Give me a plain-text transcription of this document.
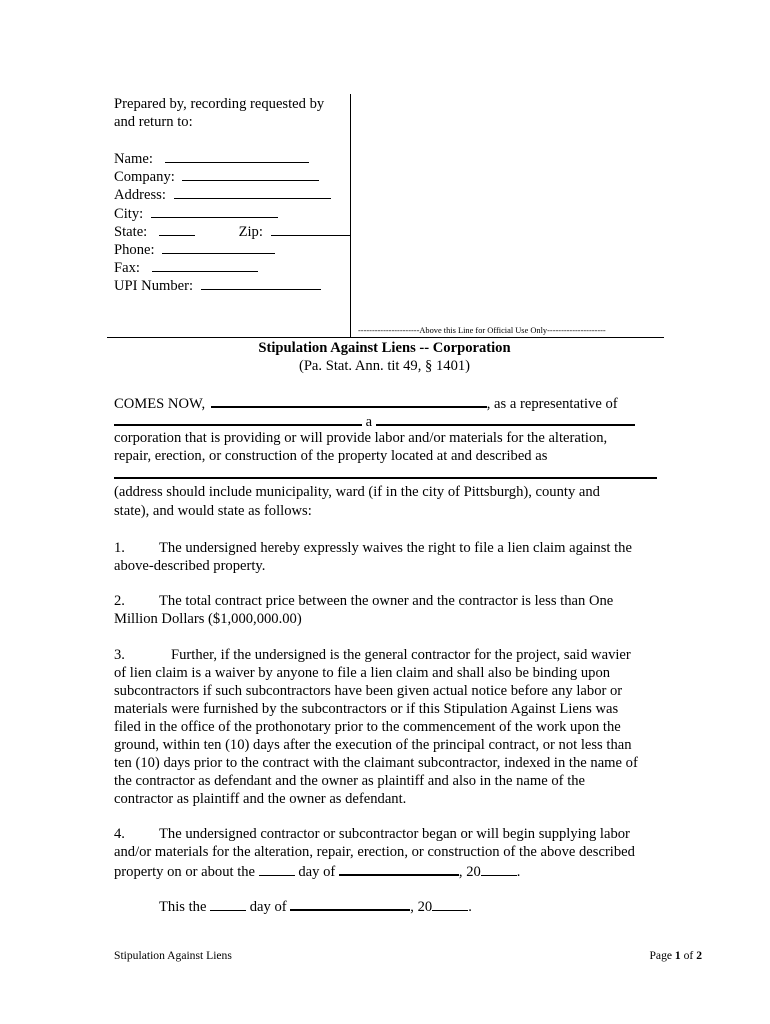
Prepared by, recording requested by
and return to:
Name:
Company:
Address:
City:
State:	Zip:
Phone:
Fax:
UPI Number:
----------------------Above this Line for Official Use Only---------------------
Stipulation Against Liens -- Corporation
(Pa. Stat. Ann. tit 49, § 1401)
COMES NOW,	, as a representative of
a
corporation that is providing or will provide labor and/or materials for the alteration,
repair, erection, or construction of the property located at and described as
(address should include municipality, ward (if in the city of Pittsburgh), county and
state), and would state as follows:
1. The undersigned hereby expressly waives the right to file a lien claim against the
above-described property.
2. The total contract price between the owner and the contractor is less than One
Million Dollars ($1,000,000.00)
3.	Further, if the undersigned is the general contractor for the project, said wavier
of lien claim is a waiver by anyone to file a lien claim and shall also be binding upon
subcontractors if such subcontractors have been given actual notice before any labor or
materials were furnished by the subcontractors or if this Stipulation Against Liens was
filed in the office of the prothonotary prior to the commencement of the work upon the
ground, within ten (10) days after the execution of the principal contract, or not less than
ten (10) days prior to the contract with the claimant subcontractor, indexed in the name of
the contractor as defendant and the owner as plaintiff and also in the name of the
contractor as plaintiff and the owner as defendant.
4. The undersigned contractor or subcontractor began or will begin supplying labor
and/or materials for the alteration, repair, erection, or construction of the above described
property on or about the	day of	, 20 .
This the	day of	, 20 .
Stipulation Against Liens	Page 1 of 2
